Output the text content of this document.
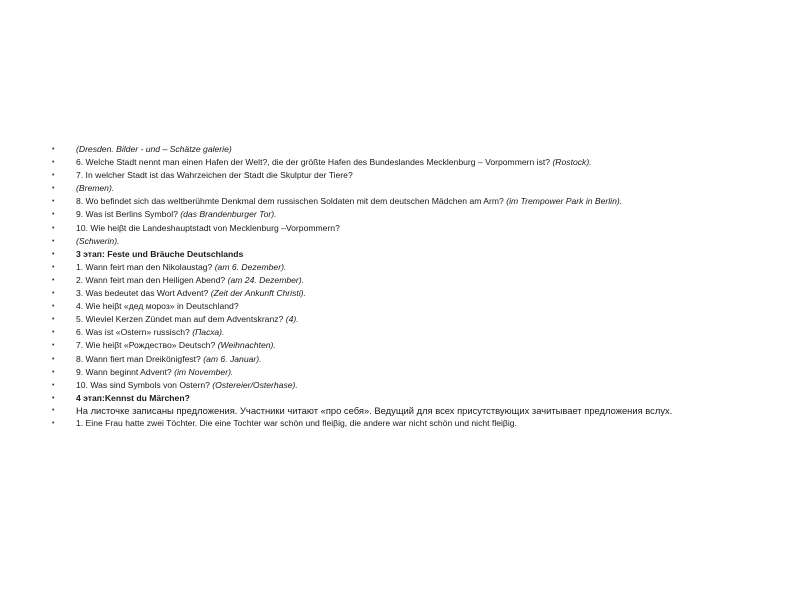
•	(Dresden. Bilder - und – Schätze galerie)
•	6. Welche Stadt nennt man einen Hafen der Welt?, die der größte Hafen des Bundeslandes Mecklenburg – Vorpommern ist? (Rostock).
•	7. In welcher Stadt ist das Wahrzeichen der Stadt die Skulptur der Tiere?
•	(Bremen).
•	8. Wo befindet sich das weltberühmte Denkmal dem russischen Soldaten mit dem deutschen Mädchen am Arm? (im Trempower Park in Berlin).
•	9. Was ist Berlins Symbol? (das Brandenburger Tor).
•	10. Wie heiβt die Landeshauptstadt von Mecklenburg –Vorpommern?
•	(Schwerin).
•	3 этап: Feste und Bräuche Deutschlands
•	1. Wann feirt man den Nikolaustag? (am 6. Dezember).
•	2. Wann feirt man den Heiligen Abend? (am 24. Dezember).
•	3. Was bedeutet das Wort Advent? (Zeit der Ankunft Christi).
•	4. Wie heiβt «дед мороз» in Deutschland?
•	5. Wieviel Kerzen Zündet man auf dem Adventskranz? (4).
•	6. Was ist «Ostern» russisch? (Пасха).
•	7. Wie heiβt «Рождество» Deutsch? (Weihnachten).
•	8. Wann fiert man Dreikönigfest? (am 6. Januar).
•	9. Wann beginnt Advent? (im November).
•	10. Was sind Symbols von Ostern? (Ostereier/Osterhase).
•	4 этап:Kennst du Märchen?
• На листочке записаны предложения. Участники читают «про себя». Ведущий для всех присутствующих зачитывает предложения вслух.
•	1. Eine Frau hatte zwei Töchter. Die eine Tochter war schön und fleiβig, die andere war nicht schön und nicht fleiβig.
